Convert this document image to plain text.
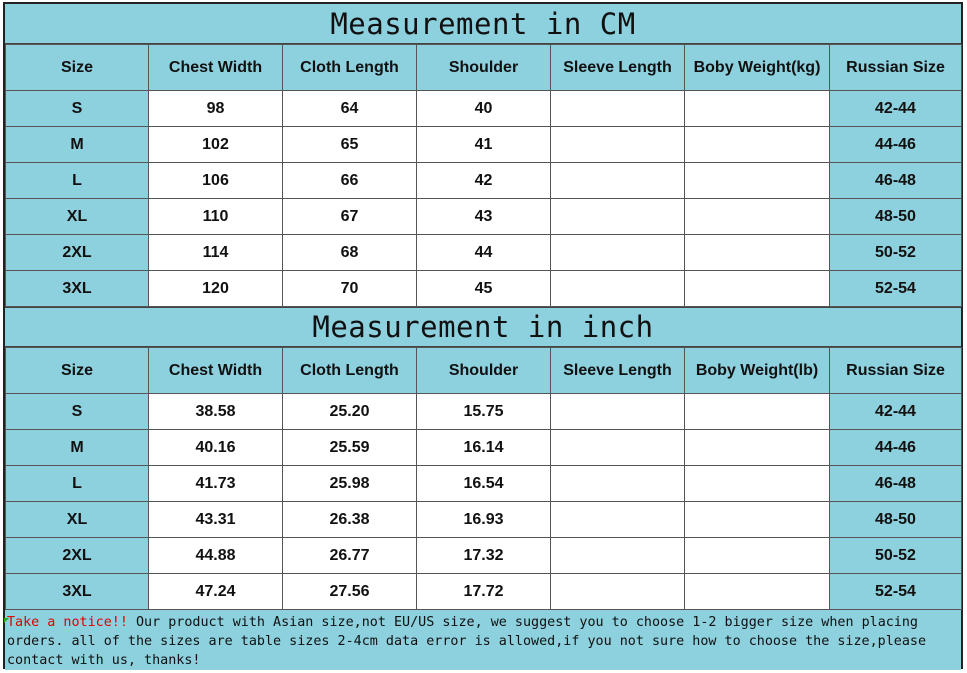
Measurement in CM
Size	Chest Width	Cloth Length	Shoulder	Sleeve Length	Boby Weight(kg)	Russian Size
S	98	64	40			42-44
M	102	65	41			44-46
L	106	66	42			46-48
XL	110	67	43			48-50
2XL	114	68	44			50-52
3XL	120	70	45			52-54
Measurement in inch
Size	Chest Width	Cloth Length	Shoulder	Sleeve Length	Boby Weight(lb)	Russian Size
S	38.58	25.20	15.75			42-44
M	40.16	25.59	16.14			44-46
L	41.73	25.98	16.54			46-48
XL	43.31	26.38	16.93			48-50
2XL	44.88	26.77	17.32			50-52
3XL	47.24	27.56	17.72			52-54
Take a notice!! Our product with Asian size,not EU/US size, we suggest you to choose 1-2 bigger size when placing orders. all of the sizes are table sizes 2-4cm data error is allowed,if you not sure how to choose the size,please contact with us, thanks!
